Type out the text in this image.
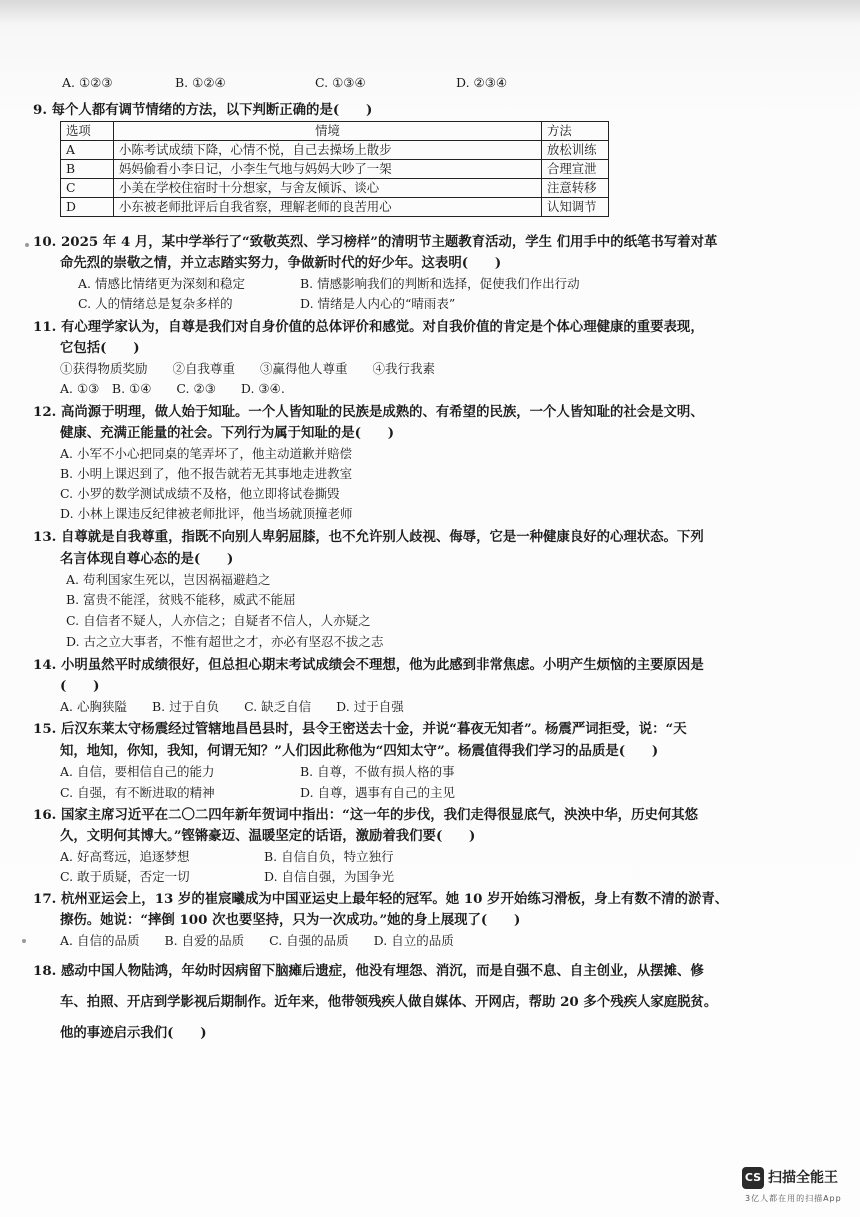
A. ①②③	B. ①②④	C. ①③④	D. ②③④
9. 每个人都有调节情绪的方法，以下判断正确的是(　　)
选项	情境	方法
A	小陈考试成绩下降，心情不悦，自己去操场上散步	放松训练
B	妈妈偷看小李日记，小李生气地与妈妈大吵了一架	合理宣泄
C	小美在学校住宿时十分想家，与舍友倾诉、谈心	注意转移
D	小东被老师批评后自我省察，理解老师的良苦用心	认知调节
10. 2025 年 4 月，某中学举行了“致敬英烈、学习榜样”的清明节主题教育活动，学生 们用手中的纸笔书写着对革
命先烈的崇敬之情，并立志踏实努力，争做新时代的好少年。这表明(　　)
A. 情感比情绪更为深刻和稳定	B. 情感影响我们的判断和选择，促使我们作出行动
C. 人的情绪总是复杂多样的	D. 情绪是人内心的“晴雨表”
11. 有心理学家认为，自尊是我们对自身价值的总体评价和感觉。对自我价值的肯定是个体心理健康的重要表现，
它包括(　　)
①获得物质奖励　　②自我尊重　　③赢得他人尊重　　④我行我素
A. ①③　B. ①④　　C. ②③　　D. ③④.
12. 高尚源于明理，做人始于知耻。一个人皆知耻的民族是成熟的、有希望的民族，一个人皆知耻的社会是文明、
健康、充满正能量的社会。下列行为属于知耻的是(　　)
A. 小军不小心把同桌的笔弄坏了，他主动道歉并赔偿
B. 小明上课迟到了，他不报告就若无其事地走进教室
C. 小罗的数学测试成绩不及格，他立即将试卷撕毁
D. 小林上课违反纪律被老师批评，他当场就顶撞老师
13. 自尊就是自我尊重，指既不向别人卑躬屈膝，也不允许别人歧视、侮辱，它是一种健康良好的心理状态。下列
名言体现自尊心态的是(　　)
A. 苟利国家生死以，岂因祸福避趋之
B. 富贵不能淫，贫贱不能移，威武不能屈
C. 自信者不疑人，人亦信之；自疑者不信人，人亦疑之
D. 古之立大事者，不惟有超世之才，亦必有坚忍不拔之志
14. 小明虽然平时成绩很好，但总担心期末考试成绩会不理想，他为此感到非常焦虑。小明产生烦恼的主要原因是
(　　)
A. 心胸狭隘　　B. 过于自负　　C. 缺乏自信　　D. 过于自强
15. 后汉东莱太守杨震经过管辖地昌邑县时，县令王密送去十金，并说“暮夜无知者”。杨震严词拒受，说：“天
知，地知，你知，我知，何谓无知？”人们因此称他为“四知太守”。杨震值得我们学习的品质是(　　)
A. 自信，要相信自己的能力	B. 自尊，不做有损人格的事
C. 自强，有不断进取的精神	D. 自尊，遇事有自己的主见
16. 国家主席习近平在二〇二四年新年贺词中指出：“这一年的步伐，我们走得很显底气，泱泱中华，历史何其悠
久，文明何其博大。”铿锵豪迈、温暖坚定的话语，激励着我们要(　　)
A. 好高骛远，追逐梦想	B. 自信自负，特立独行
C. 敢于质疑，否定一切	D. 自信自强，为国争光
17. 杭州亚运会上，13 岁的崔宸曦成为中国亚运史上最年轻的冠军。她 10 岁开始练习滑板，身上有数不清的淤青、
擦伤。她说：“摔倒 100 次也要坚持，只为一次成功。”她的身上展现了(　　)
A. 自信的品质　　B. 自爱的品质　　C. 自强的品质　　D. 自立的品质
18. 感动中国人物陆鸿，年幼时因病留下脑瘫后遗症，他没有埋怨、消沉，而是自强不息、自主创业，从摆摊、修
车、拍照、开店到学影视后期制作。近年来，他带领残疾人做自媒体、开网店，帮助 20 多个残疾人家庭脱贫。
他的事迹启示我们(　　)
CS 扫描全能王
3亿人都在用的扫描App
